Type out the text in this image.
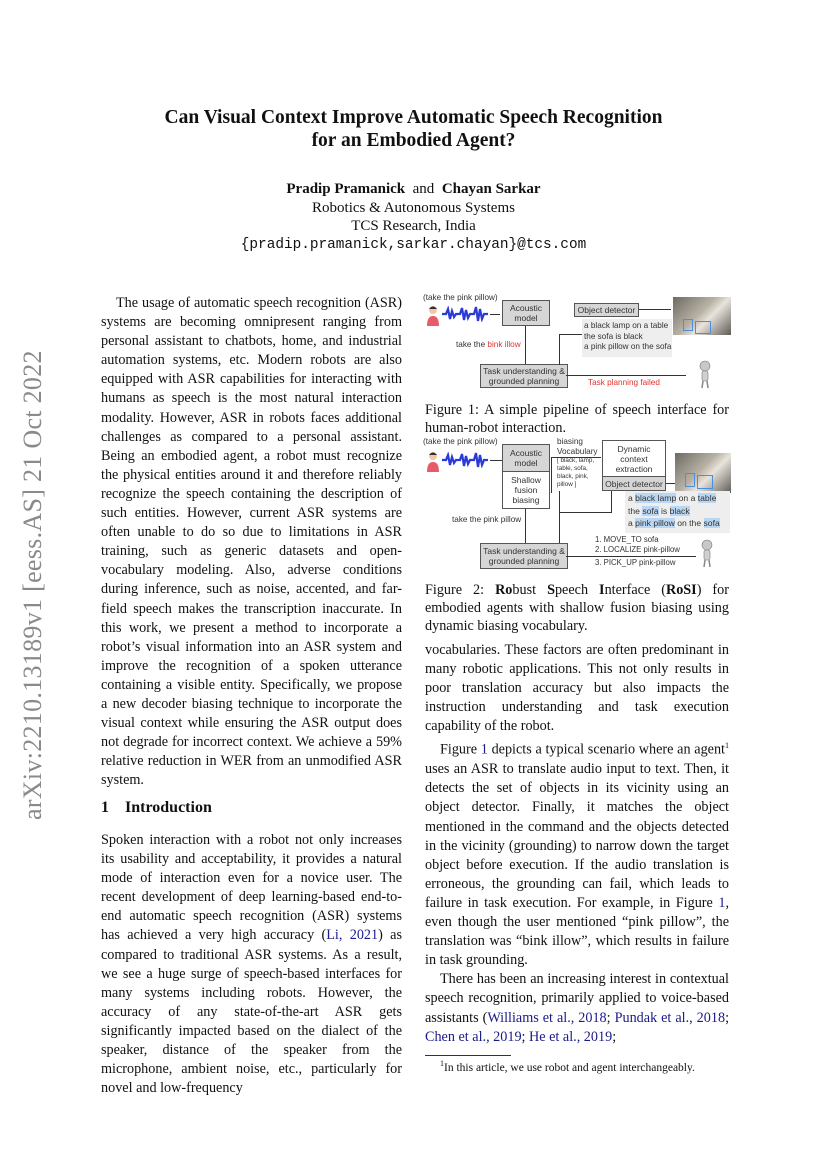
arXiv:2210.13189v1 [eess.AS] 21 Oct 2022
Can Visual Context Improve Automatic Speech Recognition
for an Embodied Agent?
Pradip Pramanick and Chayan Sarkar
Robotics & Autonomous Systems
TCS Research, India
{pradip.pramanick,sarkar.chayan}@tcs.com

The usage of automatic speech recognition (ASR) systems are becoming omnipresent ranging from personal assistant to chatbots, home, and industrial automation systems, etc. Modern robots are also equipped with ASR capabilities for interacting with humans as speech is the most natural interaction modality. However, ASR in robots faces additional challenges as compared to a personal assistant. Being an embodied agent, a robot must recognize the physical entities around it and therefore reliably recognize the speech containing the description of such entities. However, current ASR systems are often unable to do so due to limitations in ASR training, such as generic datasets and open-vocabulary modeling. Also, adverse conditions during inference, such as noise, accented, and far-field speech makes the transcription inaccurate. In this work, we present a method to incorporate a robot’s visual information into an ASR system and improve the recognition of a spoken utterance containing a visible entity. Specifically, we propose a new decoder biasing technique to incorporate the visual context while ensuring the ASR output does not degrade for incorrect context. We achieve a 59% relative reduction in WER from an unmodified ASR system.

1 Introduction

Spoken interaction with a robot not only increases its usability and acceptability, it provides a natural mode of interaction even for a novice user. The recent development of deep learning-based end-to-end automatic speech recognition (ASR) systems has achieved a very high accuracy (Li, 2021) as compared to traditional ASR systems. As a result, we see a huge surge of speech-based interfaces for many systems including robots. However, the accuracy of any state-of-the-art ASR gets significantly impacted based on the dialect of the speaker, distance of the speaker from the microphone, ambient noise, etc., particularly for novel and low-frequency

(take the pink pillow)
Acoustic model
take the bink illow
Task understanding & grounded planning
Object detector
a black lamp on a table
the sofa is black
a pink pillow on the sofa
Task planning failed
Figure 1: A simple pipeline of speech interface for human-robot interaction.
(take the pink pillow)
Acoustic model
Shallow fusion biasing
biasing Vocabulary
[ black, lamp, table, sofa, black, pink, pillow ]
Dynamic context extraction
Object detector
a black lamp on a table
the sofa is black
a pink pillow on the sofa
take the pink pillow
Task understanding & grounded planning
1. MOVE_TO sofa
2. LOCALIZE pink-pillow
3. PICK_UP pink-pillow
Figure 2: Robust Speech Interface (RoSI) for embodied agents with shallow fusion biasing using dynamic biasing vocabulary.

vocabularies. These factors are often predominant in many robotic applications. This not only results in poor translation accuracy but also impacts the instruction understanding and task execution capability of the robot.

Figure 1 depicts a typical scenario where an agent$^1$ uses an ASR to translate audio input to text. Then, it detects the set of objects in its vicinity using an object detector. Finally, it matches the object mentioned in the command and the objects detected in the vicinity (grounding) to narrow down the target object before execution. If the audio translation is erroneous, the grounding can fail, which leads to failure in task execution. For example, in Figure 1, even though the user mentioned “pink pillow”, the translation was “bink illow”, which results in failure in task grounding.

There has been an increasing interest in contextual speech recognition, primarily applied to voice-based assistants (Williams et al., 2018; Pundak et al., 2018; Chen et al., 2019; He et al., 2019;

$^1$In this article, we use robot and agent interchangeably.
